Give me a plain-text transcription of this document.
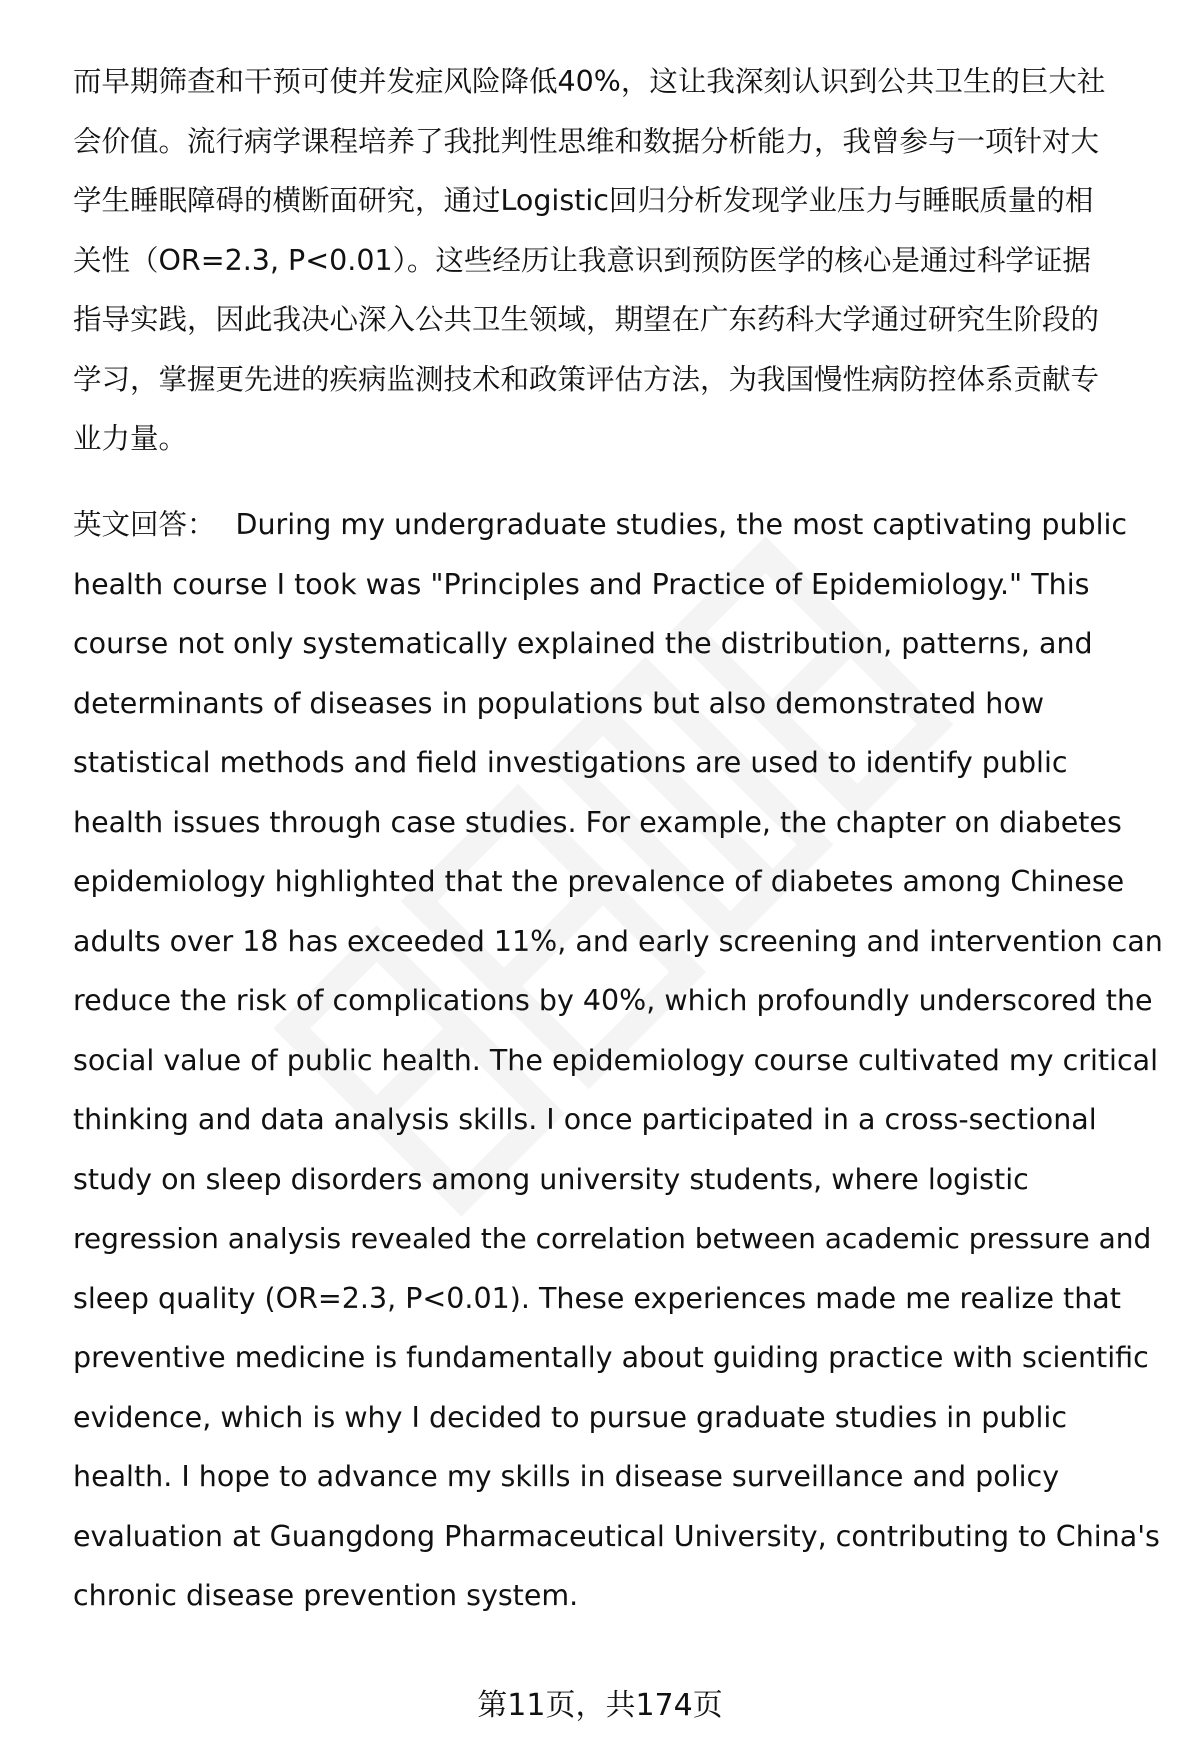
而早期筛查和干预可使并发症风险降低40%，这让我深刻认识到公共卫生的巨大社
会价值。流行病学课程培养了我批判性思维和数据分析能力，我曾参与一项针对大
学生睡眠障碍的横断面研究，通过Logistic回归分析发现学业压力与睡眠质量的相
关性（OR=2.3, P<0.01）。这些经历让我意识到预防医学的核心是通过科学证据
指导实践，因此我决心深入公共卫生领域，期望在广东药科大学通过研究生阶段的
学习，掌握更先进的疾病监测技术和政策评估方法，为我国慢性病防控体系贡献专
业力量。
英文回答： During my undergraduate studies, the most captivating public
health course I took was "Principles and Practice of Epidemiology." This
course not only systematically explained the distribution, patterns, and
determinants of diseases in populations but also demonstrated how
statistical methods and field investigations are used to identify public
health issues through case studies. For example, the chapter on diabetes
epidemiology highlighted that the prevalence of diabetes among Chinese
adults over 18 has exceeded 11%, and early screening and intervention can
reduce the risk of complications by 40%, which profoundly underscored the
social value of public health. The epidemiology course cultivated my critical
thinking and data analysis skills. I once participated in a cross-sectional
study on sleep disorders among university students, where logistic
regression analysis revealed the correlation between academic pressure and
sleep quality (OR=2.3, P<0.01). These experiences made me realize that
preventive medicine is fundamentally about guiding practice with scientific
evidence, which is why I decided to pursue graduate studies in public
health. I hope to advance my skills in disease surveillance and policy
evaluation at Guangdong Pharmaceutical University, contributing to China's
chronic disease prevention system.
第11页，共174页
